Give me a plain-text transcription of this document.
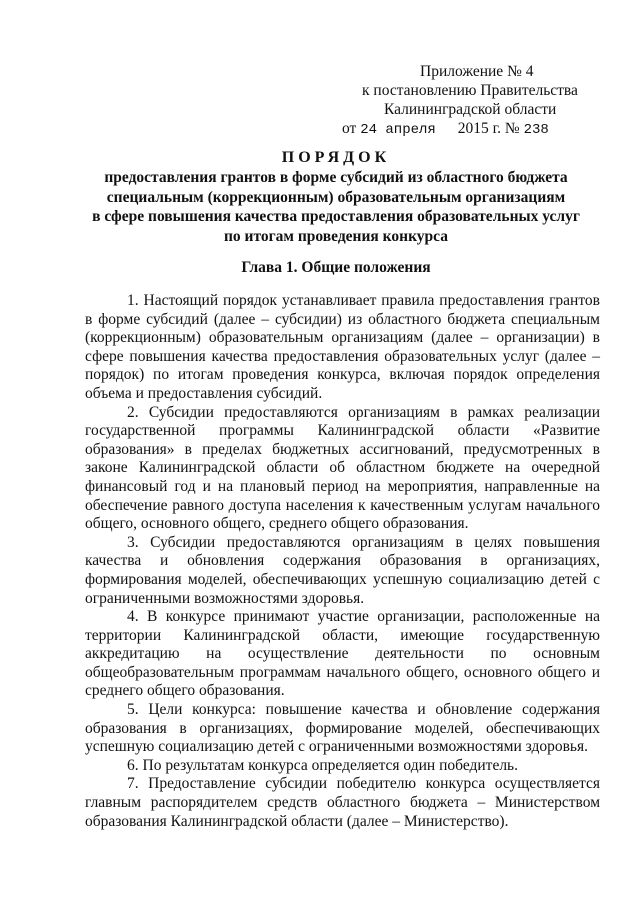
Приложение № 4
к постановлению Правительства
Калининградской области
от 24 апреля 2015 г. № 238
ПОРЯДОК
предоставления грантов в форме субсидий из областного бюджета
специальным (коррекционным) образовательным организациям
в сфере повышения качества предоставления образовательных услуг
по итогам проведения конкурса
Глава 1. Общие положения

1. Настоящий порядок устанавливает правила предоставления грантов в форме субсидий (далее – субсидии) из областного бюджета специальным (коррекционным) образовательным организациям (далее – организации) в сфере повышения качества предоставления образовательных услуг (далее – порядок) по итогам проведения конкурса, включая порядок определения объема и предоставления субсидий.

2. Субсидии предоставляются организациям в рамках реализации государственной программы Калининградской области «Развитие образования» в пределах бюджетных ассигнований, предусмотренных в законе Калининградской области об областном бюджете на очередной финансовый год и на плановый период на мероприятия, направленные на обеспечение равного доступа населения к качественным услугам начального общего, основного общего, среднего общего образования.

3. Субсидии предоставляются организациям в целях повышения качества и обновления содержания образования в организациях, формирования моделей, обеспечивающих успешную социализацию детей с ограниченными возможностями здоровья.

4. В конкурсе принимают участие организации, расположенные на территории Калининградской области, имеющие государственную аккредитацию на осуществление деятельности по основным общеобразовательным программам начального общего, основного общего и среднего общего образования.

5. Цели конкурса: повышение качества и обновление содержания образования в организациях, формирование моделей, обеспечивающих успешную социализацию детей с ограниченными возможностями здоровья.

6. По результатам конкурса определяется один победитель.

7. Предоставление субсидии победителю конкурса осуществляется главным распорядителем средств областного бюджета – Министерством образования Калининградской области (далее – Министерство).
